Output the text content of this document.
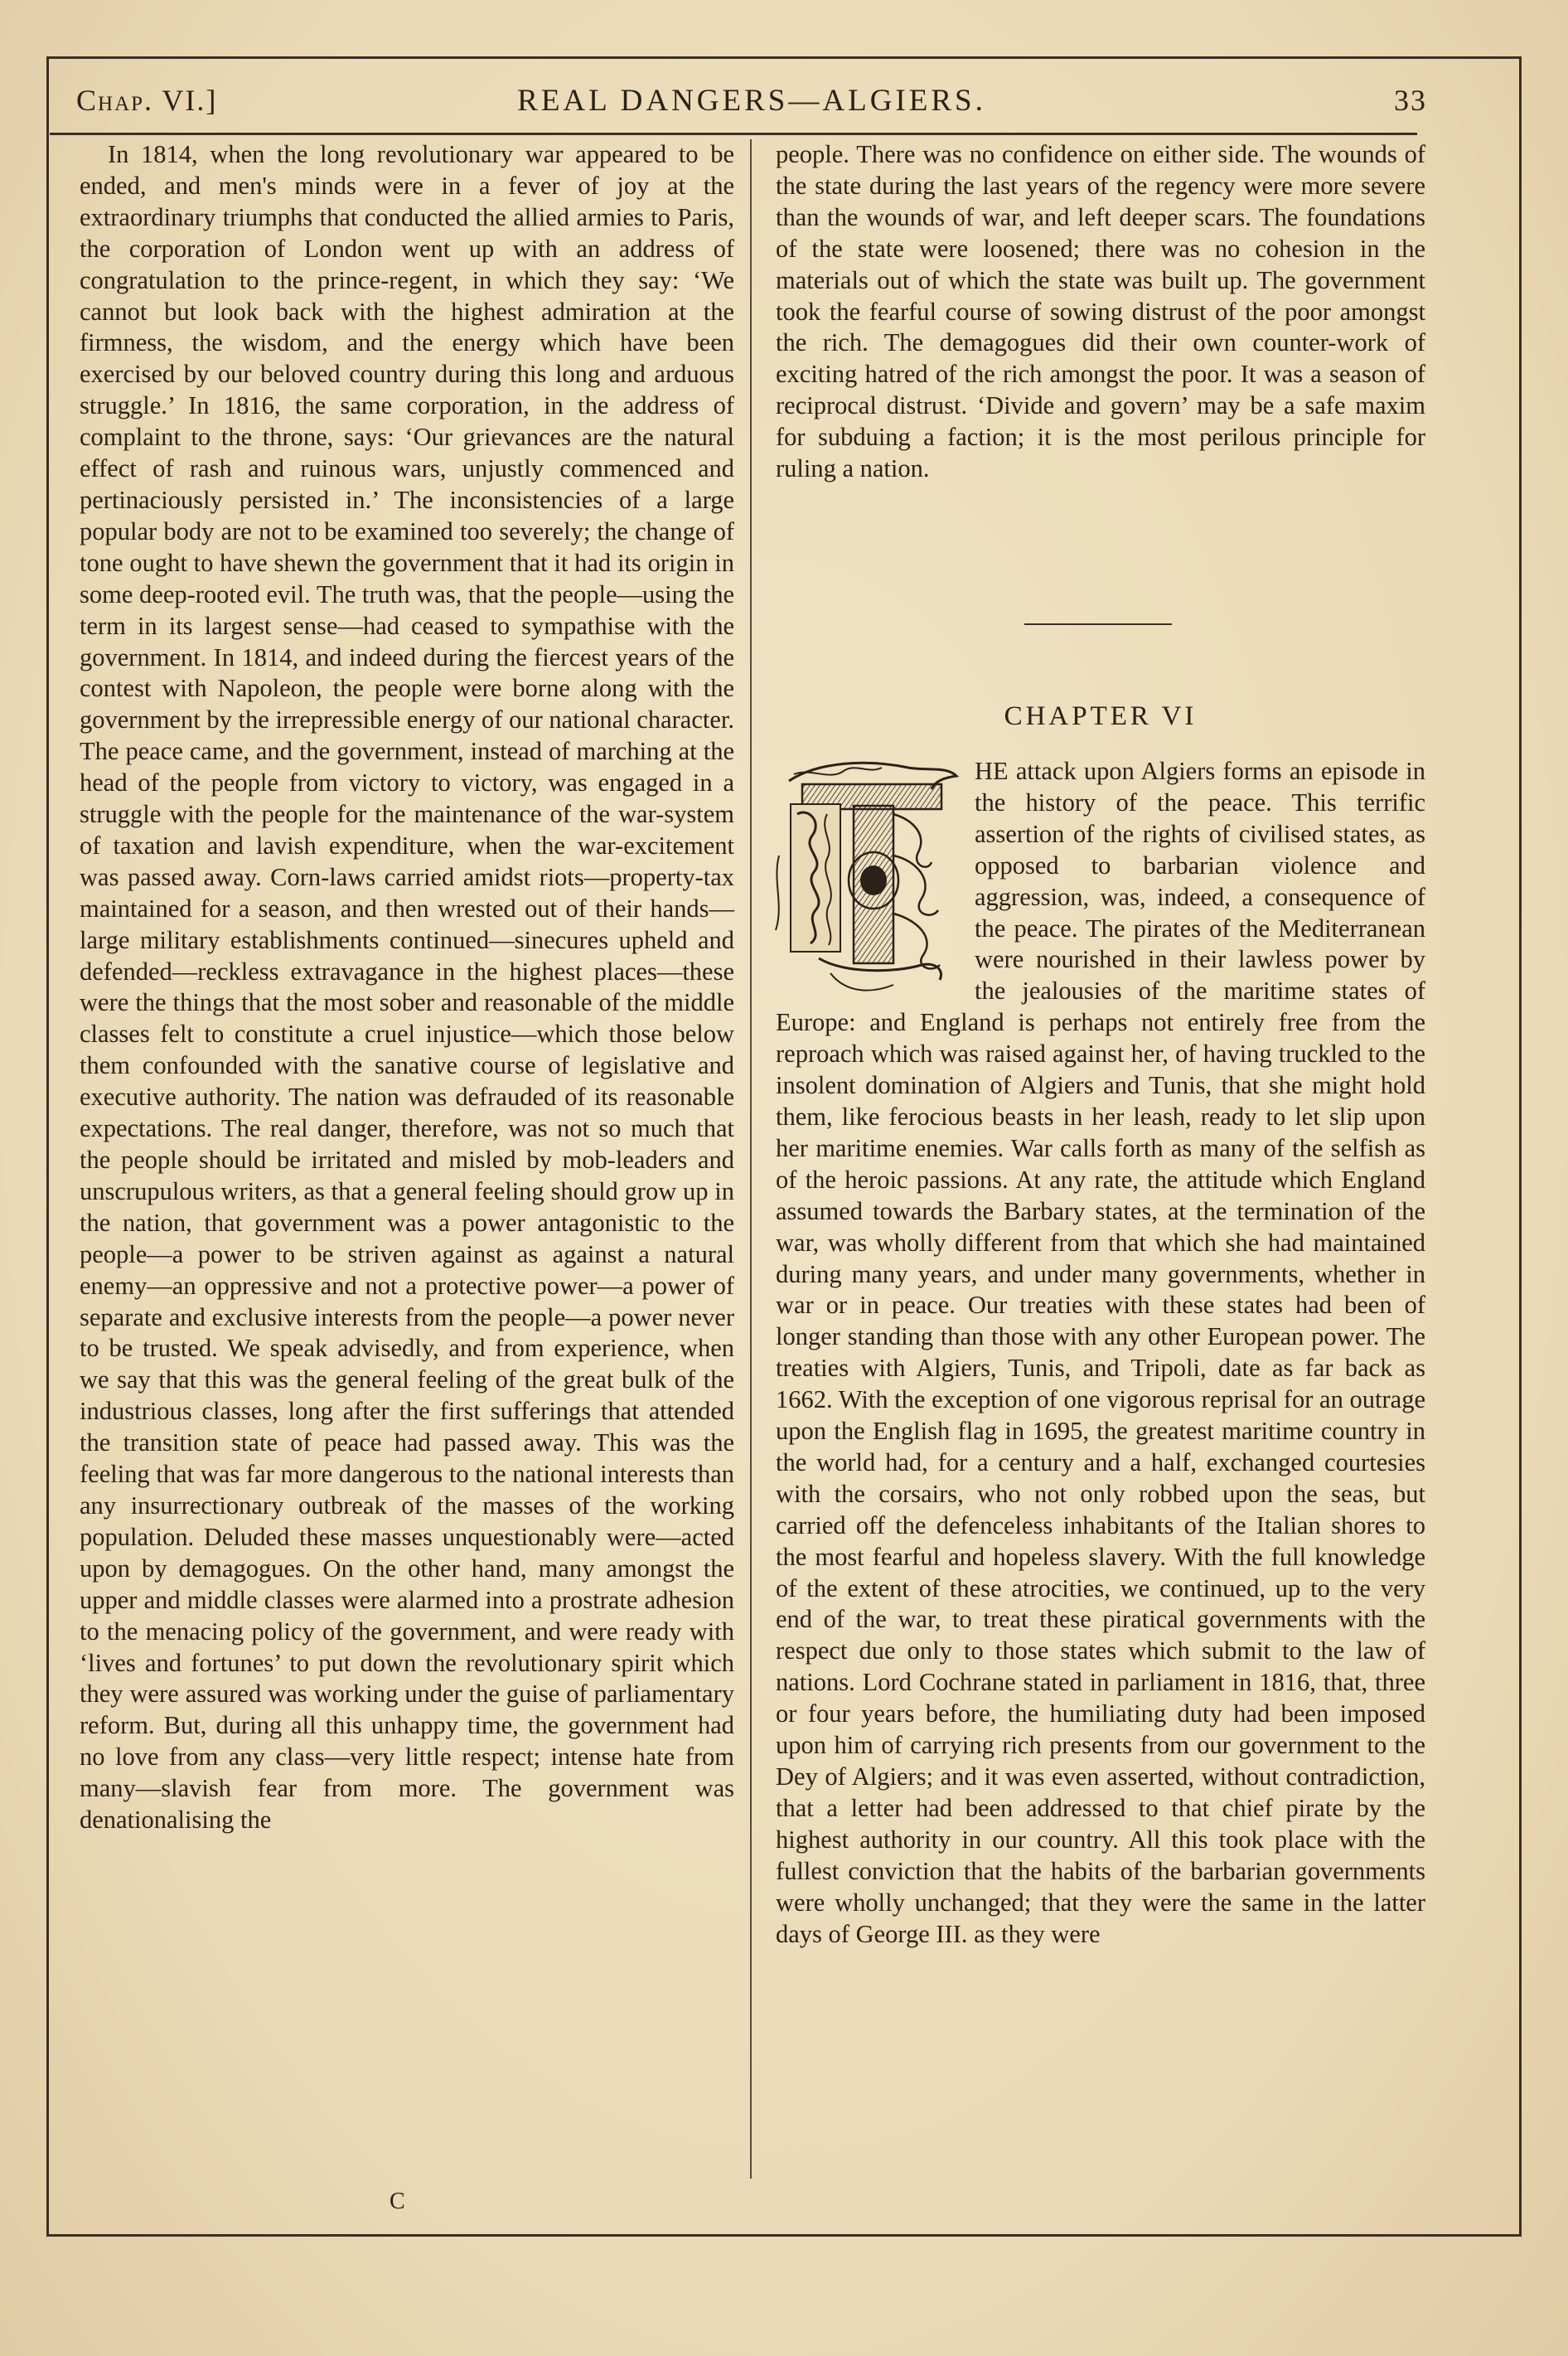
Chap. VI.]	REAL DANGERS—ALGIERS.	33

In 1814, when the long revolutionary war appeared to be ended, and men's minds were in a fever of joy at the extraordinary triumphs that conducted the allied armies to Paris, the corporation of London went up with an address of congratulation to the prince-regent, in which they say: ‘We cannot but look back with the highest admiration at the firmness, the wisdom, and the energy which have been exercised by our beloved country during this long and arduous struggle.’ In 1816, the same corporation, in the address of complaint to the throne, says: ‘Our grievances are the natural effect of rash and ruinous wars, unjustly commenced and pertinaciously persisted in.’ The inconsistencies of a large popular body are not to be examined too severely; the change of tone ought to have shewn the government that it had its origin in some deep-rooted evil. The truth was, that the people—using the term in its largest sense—had ceased to sympathise with the government. In 1814, and indeed during the fiercest years of the contest with Napoleon, the people were borne along with the government by the irrepressible energy of our national character. The peace came, and the government, instead of marching at the head of the people from victory to victory, was engaged in a struggle with the people for the maintenance of the war-system of taxation and lavish expenditure, when the war-excitement was passed away. Corn-laws carried amidst riots—property-tax maintained for a season, and then wrested out of their hands—large military establishments continued—sinecures upheld and defended—reckless extravagance in the highest places—these were the things that the most sober and reasonable of the middle classes felt to constitute a cruel injustice—which those below them confounded with the sanative course of legislative and executive authority. The nation was defrauded of its reasonable expectations. The real danger, therefore, was not so much that the people should be irritated and misled by mob-leaders and unscrupulous writers, as that a general feeling should grow up in the nation, that government was a power antagonistic to the people—a power to be striven against as against a natural enemy—an oppressive and not a protective power—a power of separate and exclusive interests from the people—a power never to be trusted. We speak advisedly, and from experience, when we say that this was the general feeling of the great bulk of the industrious classes, long after the first sufferings that attended the transition state of peace had passed away. This was the feeling that was far more dangerous to the national interests than any insurrectionary outbreak of the masses of the working population. Deluded these masses unquestionably were—acted upon by demagogues. On the other hand, many amongst the upper and middle classes were alarmed into a prostrate adhesion to the menacing policy of the government, and were ready with ‘lives and fortunes’ to put down the revolutionary spirit which they were assured was working under the guise of parliamentary reform. But, during all this unhappy time, the government had no love from any class—very little respect; intense hate from many—slavish fear from more. The government was denationalising the

people. There was no confidence on either side. The wounds of the state during the last years of the regency were more severe than the wounds of war, and left deeper scars. The foundations of the state were loosened; there was no cohesion in the materials out of which the state was built up. The government took the fearful course of sowing distrust of the poor amongst the rich. The demagogues did their own counter-work of exciting hatred of the rich amongst the poor. It was a season of reciprocal distrust. ‘Divide and govern’ may be a safe maxim for subduing a faction; it is the most perilous principle for ruling a nation.

CHAPTER VI

HE attack upon Algiers forms an episode in the history of the peace. This terrific assertion of the rights of civilised states, as opposed to barbarian violence and aggression, was, indeed, a consequence of the peace. The pirates of the Mediterranean were nourished in their lawless power by the jealousies of the maritime states of Europe: and England is perhaps not entirely free from the reproach which was raised against her, of having truckled to the insolent domination of Algiers and Tunis, that she might hold them, like ferocious beasts in her leash, ready to let slip upon her maritime enemies. War calls forth as many of the selfish as of the heroic passions. At any rate, the attitude which England assumed towards the Barbary states, at the termination of the war, was wholly different from that which she had maintained during many years, and under many governments, whether in war or in peace. Our treaties with these states had been of longer standing than those with any other European power. The treaties with Algiers, Tunis, and Tripoli, date as far back as 1662. With the exception of one vigorous reprisal for an outrage upon the English flag in 1695, the greatest maritime country in the world had, for a century and a half, exchanged courtesies with the corsairs, who not only robbed upon the seas, but carried off the defenceless inhabitants of the Italian shores to the most fearful and hopeless slavery. With the full knowledge of the extent of these atrocities, we continued, up to the very end of the war, to treat these piratical governments with the respect due only to those states which submit to the law of nations. Lord Cochrane stated in parliament in 1816, that, three or four years before, the humiliating duty had been imposed upon him of carrying rich presents from our government to the Dey of Algiers; and it was even asserted, without contradiction, that a letter had been addressed to that chief pirate by the highest authority in our country. All this took place with the fullest conviction that the habits of the barbarian governments were wholly unchanged; that they were the same in the latter days of George III. as they were

C
